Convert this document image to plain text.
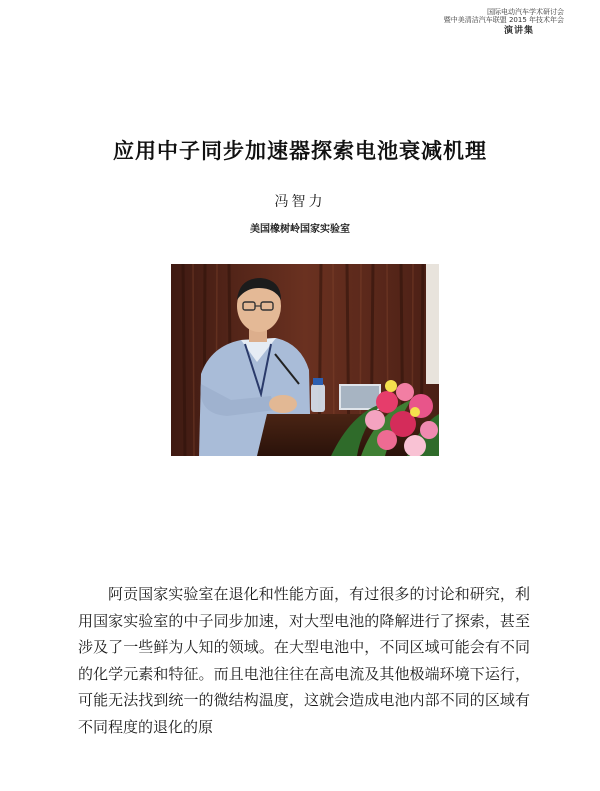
国际电动汽车学术研讨会
暨中美清洁汽车联盟 2015 年技术年会
演讲集
应用中子同步加速器探索电池衰减机理
冯智力
美国橡树岭国家实验室

阿贡国家实验室在退化和性能方面，有过很多的讨论和研究，利用国家实验室的中子同步加速，对大型电池的降解进行了探索，甚至涉及了一些鲜为人知的领域。在大型电池中，不同区域可能会有不同的化学元素和特征。而且电池往往在高电流及其他极端环境下运行，可能无法找到统一的微结构温度，这就会造成电池内部不同的区域有不同程度的退化的原
